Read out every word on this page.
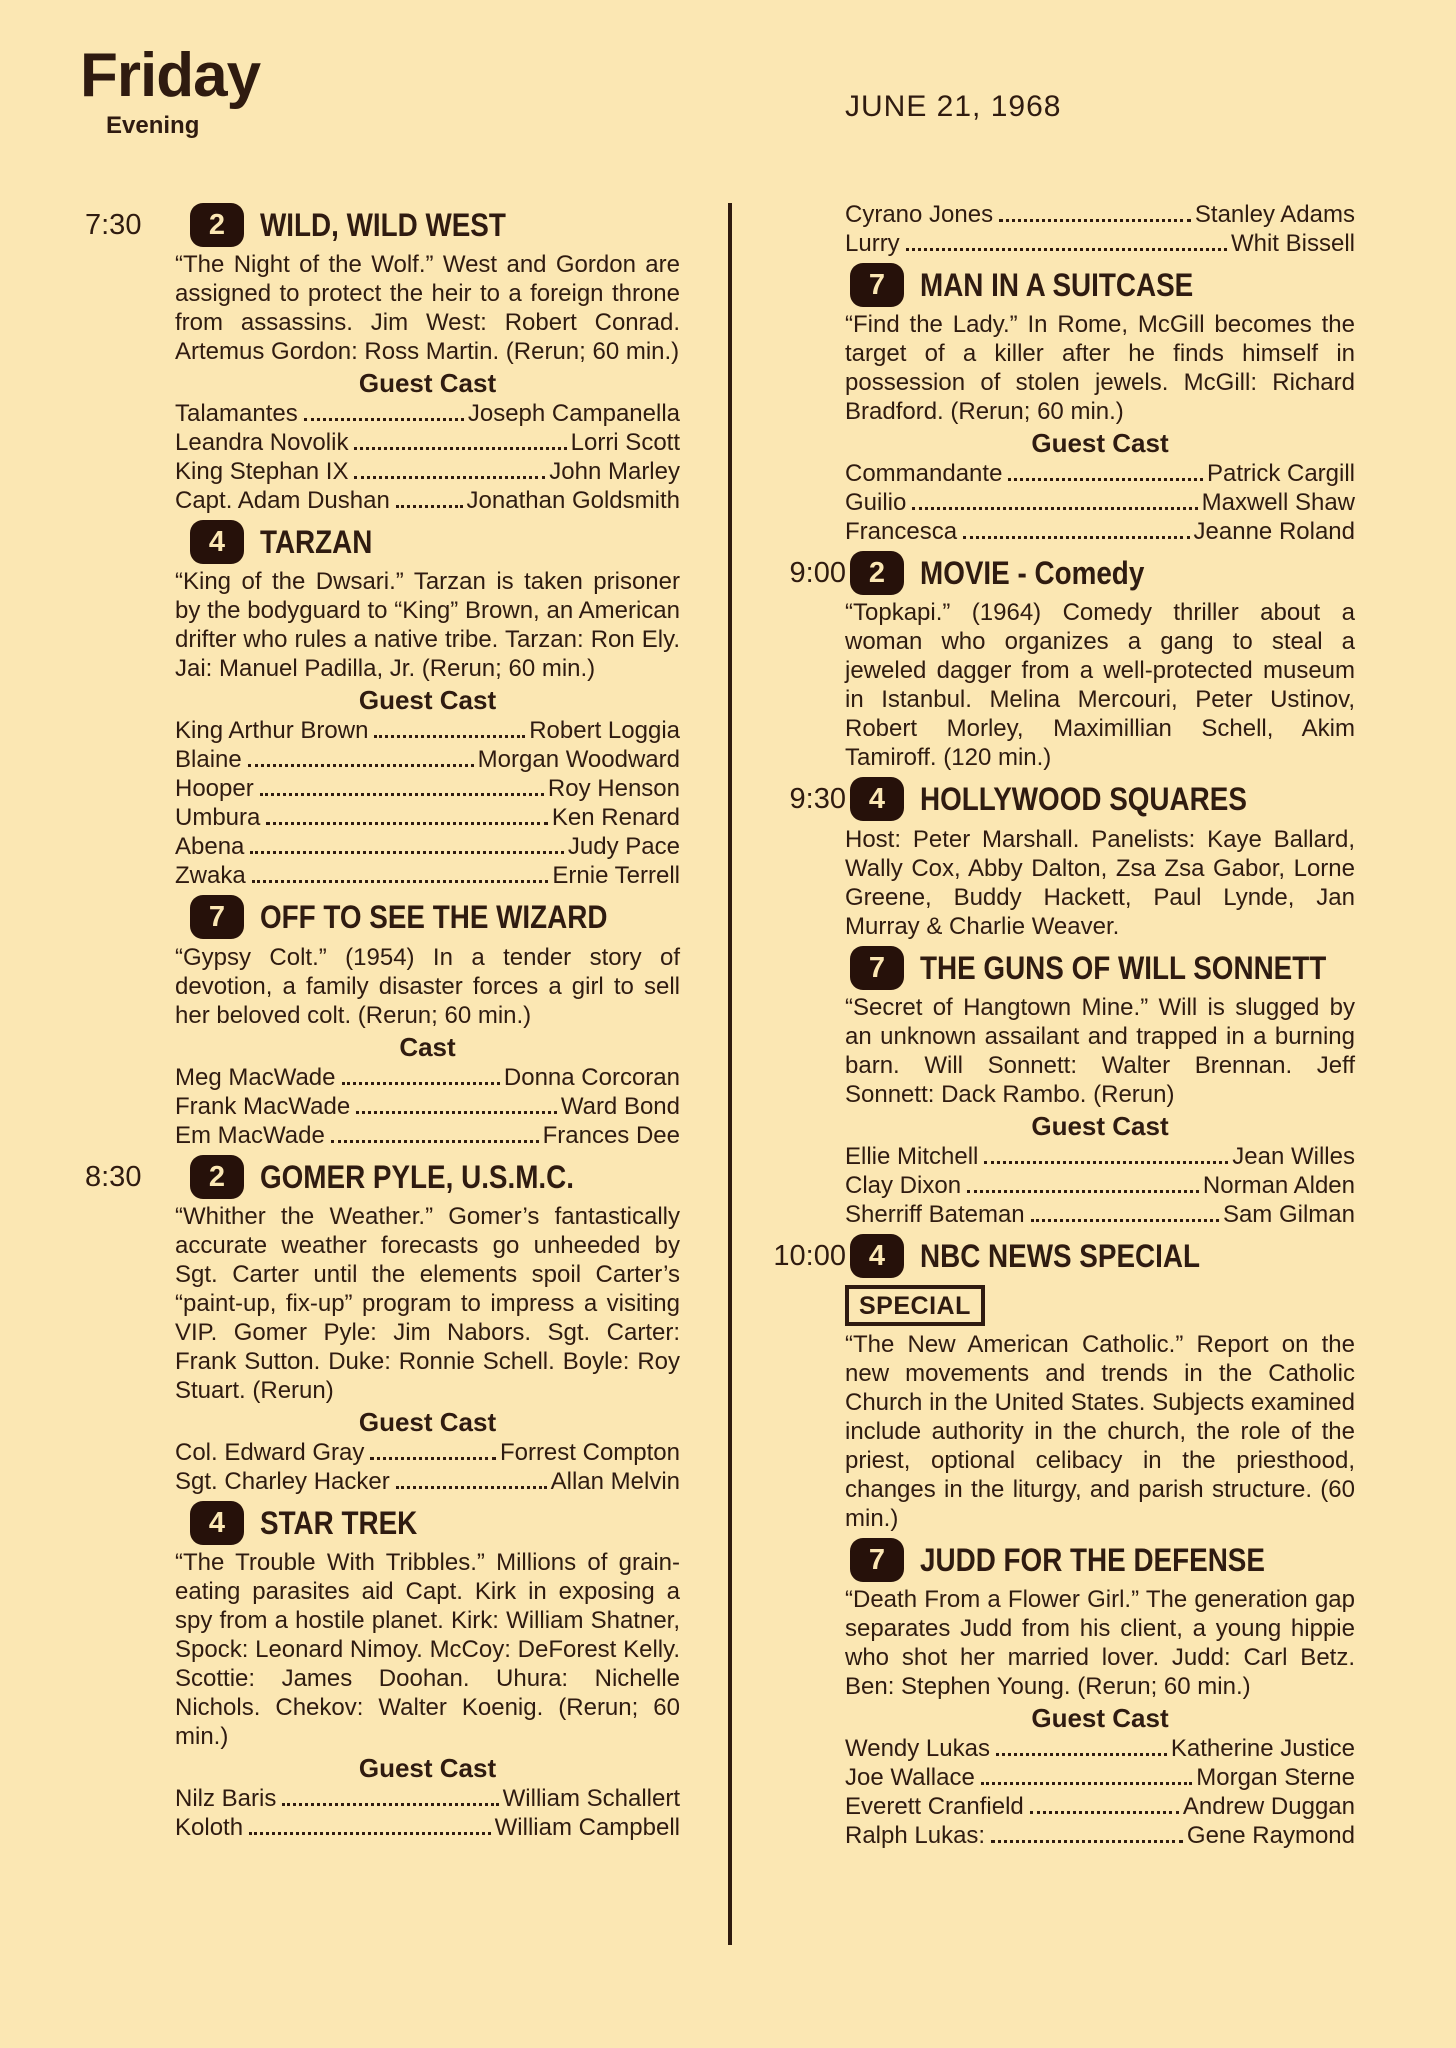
Friday
Evening
JUNE 21, 1968
7:30 2 WILD, WILD WEST

“The Night of the Wolf.” West and Gordon are assigned to protect the heir to a foreign throne from assassins. Jim West: Robert Conrad. Artemus Gordon: Ross Martin. (Rerun; 60 min.)

Guest Cast
Talamantes	Joseph Campanella
Leandra Novolik	Lorri Scott
King Stephan IX	John Marley
Capt. Adam Dushan	Jonathan Goldsmith
4 TARZAN

“King of the Dwsari.” Tarzan is taken prisoner by the bodyguard to “King” Brown, an American drifter who rules a native tribe. Tarzan: Ron Ely. Jai: Manuel Padilla, Jr. (Rerun; 60 min.)

Guest Cast
King Arthur Brown	Robert Loggia
Blaine	Morgan Woodward
Hooper	Roy Henson
Umbura	Ken Renard
Abena	Judy Pace
Zwaka	Ernie Terrell
7 OFF TO SEE THE WIZARD

“Gypsy Colt.” (1954) In a tender story of devotion, a family disaster forces a girl to sell her beloved colt. (Rerun; 60 min.)

Cast
Meg MacWade	Donna Corcoran
Frank MacWade	Ward Bond
Em MacWade	Frances Dee
8:30 2 GOMER PYLE, U.S.M.C.

“Whither the Weather.” Gomer’s fantastically accurate weather forecasts go unheeded by Sgt. Carter until the elements spoil Carter’s “paint-up, fix-up” program to impress a visiting VIP. Gomer Pyle: Jim Nabors. Sgt. Carter: Frank Sutton. Duke: Ronnie Schell. Boyle: Roy Stuart. (Rerun)

Guest Cast
Col. Edward Gray	Forrest Compton
Sgt. Charley Hacker	Allan Melvin
4 STAR TREK

“The Trouble With Tribbles.” Millions of grain-eating parasites aid Capt. Kirk in exposing a spy from a hostile planet. Kirk: William Shatner, Spock: Leonard Nimoy. McCoy: DeForest Kelly. Scottie: James Doohan. Uhura: Nichelle Nichols. Chekov: Walter Koenig. (Rerun; 60 min.)

Guest Cast
Nilz Baris	William Schallert
Koloth	William Campbell
Cyrano Jones	Stanley Adams
Lurry	Whit Bissell
7 MAN IN A SUITCASE

“Find the Lady.” In Rome, McGill becomes the target of a killer after he finds himself in possession of stolen jewels. McGill: Richard Bradford. (Rerun; 60 min.)

Guest Cast
Commandante	Patrick Cargill
Guilio	Maxwell Shaw
Francesca	Jeanne Roland
9:00 2 MOVIE - Comedy

“Topkapi.” (1964) Comedy thriller about a woman who organizes a gang to steal a jeweled dagger from a well-protected museum in Istanbul. Melina Mercouri, Peter Ustinov, Robert Morley, Maximillian Schell, Akim Tamiroff. (120 min.)

9:30 4 HOLLYWOOD SQUARES

Host: Peter Marshall. Panelists: Kaye Ballard, Wally Cox, Abby Dalton, Zsa Zsa Gabor, Lorne Greene, Buddy Hackett, Paul Lynde, Jan Murray & Charlie Weaver.

7 THE GUNS OF WILL SONNETT

“Secret of Hangtown Mine.” Will is slugged by an unknown assailant and trapped in a burning barn. Will Sonnett: Walter Brennan. Jeff Sonnett: Dack Rambo. (Rerun)

Guest Cast
Ellie Mitchell	Jean Willes
Clay Dixon	Norman Alden
Sherriff Bateman	Sam Gilman
10:00 4 NBC NEWS SPECIAL
SPECIAL

“The New American Catholic.” Report on the new movements and trends in the Catholic Church in the United States. Subjects examined include authority in the church, the role of the priest, optional celibacy in the priesthood, changes in the liturgy, and parish structure. (60 min.)

7 JUDD FOR THE DEFENSE

“Death From a Flower Girl.” The generation gap separates Judd from his client, a young hippie who shot her married lover. Judd: Carl Betz. Ben: Stephen Young. (Rerun; 60 min.)

Guest Cast
Wendy Lukas	Katherine Justice
Joe Wallace	Morgan Sterne
Everett Cranfield	Andrew Duggan
Ralph Lukas:	Gene Raymond
